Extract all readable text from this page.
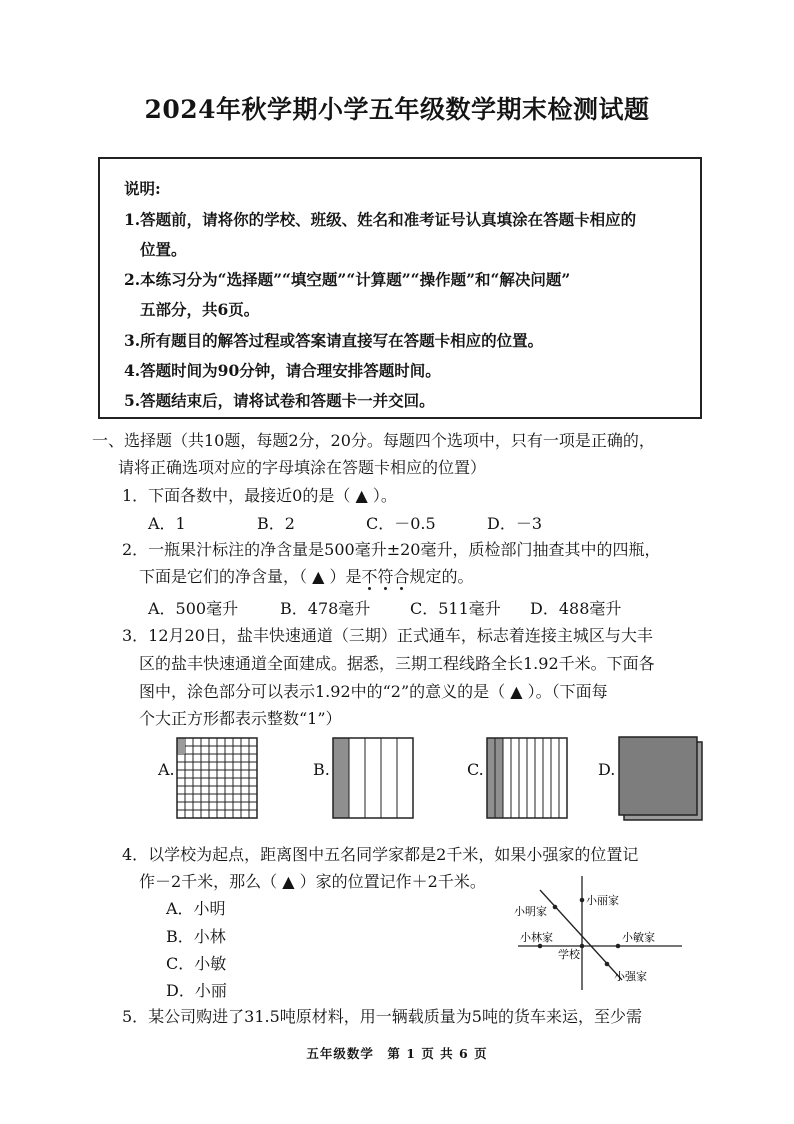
2024年秋学期小学五年级数学期末检测试题
说明:
1.答题前，请将你的学校、班级、姓名和准考证号认真填涂在答题卡相应的
位置。
2.本练习分为“选择题”“填空题”“计算题”“操作题”和“解决问题”
五部分，共6页。
3.所有题目的解答过程或答案请直接写在答题卡相应的位置。
4.答题时间为90分钟，请合理安排答题时间。
5.答题结束后，请将试卷和答题卡一并交回。
一、选择题（共10题，每题2分，20分。每题四个选项中，只有一项是正确的，
请将正确选项对应的字母填涂在答题卡相应的位置）
1．下面各数中，最接近0的是（ ▲ ）。
A．1	B．2	C．－0.5	D．－3
2．一瓶果汁标注的净含量是500毫升±20毫升，质检部门抽查其中的四瓶，
下面是它们的净含量，（ ▲ ）是不符合规定的。
A．500毫升	B．478毫升 C．511毫升 D．488毫升
3．12月20日，盐丰快速通道（三期）正式通车，标志着连接主城区与大丰
区的盐丰快速通道全面建成。据悉，三期工程线路全长1.92千米。下面各
图中，涂色部分可以表示1.92中的“2”的意义的是（ ▲ ）。（下面每
个大正方形都表示整数“1”）
A.	B.	C.	D.
4．以学校为起点，距离图中五名同学家都是2千米，如果小强家的位置记
作－2千米，那么（ ▲ ）家的位置记作＋2千米。
A．小明
B．小林
C．小敏
D．小丽
小明家
小丽家
小林家	小敏家
学校
小强家
5．某公司购进了31.5吨原材料，用一辆载质量为5吨的货车来运，至少需
五年级数学　第 1 页 共 6 页
